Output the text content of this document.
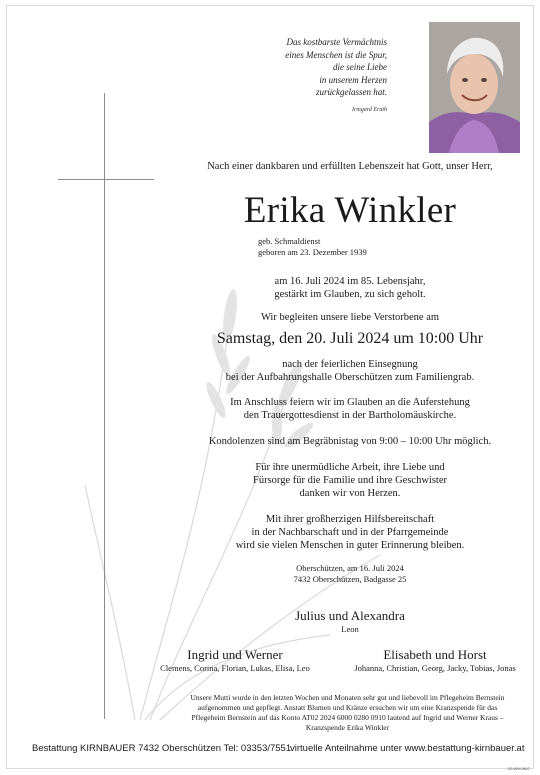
Das kostbarste Vermächtnis
eines Menschen ist die Spur,
die seine Liebe
in unserem Herzen
zurückgelassen hat.
Irmgard Erath
Nach einer dankbaren und erfüllten Lebenszeit hat Gott, unser Herr,
Erika Winkler
geb. Schmaldienst
geboren am 23. Dezember 1939
am 16. Juli 2024 im 85. Lebensjahr,
gestärkt im Glauben, zu sich geholt.
Wir begleiten unsere liebe Verstorbene am
Samstag, den 20. Juli 2024 um 10:00 Uhr
nach der feierlichen Einsegnung
bei der Aufbahrungshalle Oberschützen zum Familiengrab.
Im Anschluss feiern wir im Glauben an die Auferstehung
den Trauergottesdienst in der Bartholomäuskirche.
Kondolenzen sind am Begräbnistag von 9:00 – 10:00 Uhr möglich.
Für ihre unermüdliche Arbeit, ihre Liebe und
Fürsorge für die Familie und ihre Geschwister
danken wir von Herzen.
Mit ihrer großherzigen Hilfsbereitschaft
in der Nachbarschaft und in der Pfarrgemeinde
wird sie vielen Menschen in guter Erinnerung bleiben.
Oberschützen, am 16. Juli 2024
7432 Oberschützen, Badgasse 25
Julius und Alexandra
Leon
Ingrid und Werner
Clemens, Corina, Florian, Lukas, Elisa, Leo
Elisabeth und Horst
Johanna, Christian, Georg, Jacky, Tobias, Jonas
Unsere Mutti wurde in den letzten Wochen und Monaten sehr gut und liebevoll im Pflegeheim Bernstein
aufgenommen und gepflegt. Anstatt Blumen und Kränze ersuchen wir um eine Kranzspende für das
Pflegeheim Bernstein auf das Konto AT02 2024 6000 0280 0910 lautend auf Ingrid und Werner Kraus –
Kranzspende Erika Winkler
Bestattung KIRNBAUER 7432 Oberschützen Tel: 03353/7551
virtuelle Anteilnahme unter www.bestattung-kirnbauer.at
22-WW-86/7
